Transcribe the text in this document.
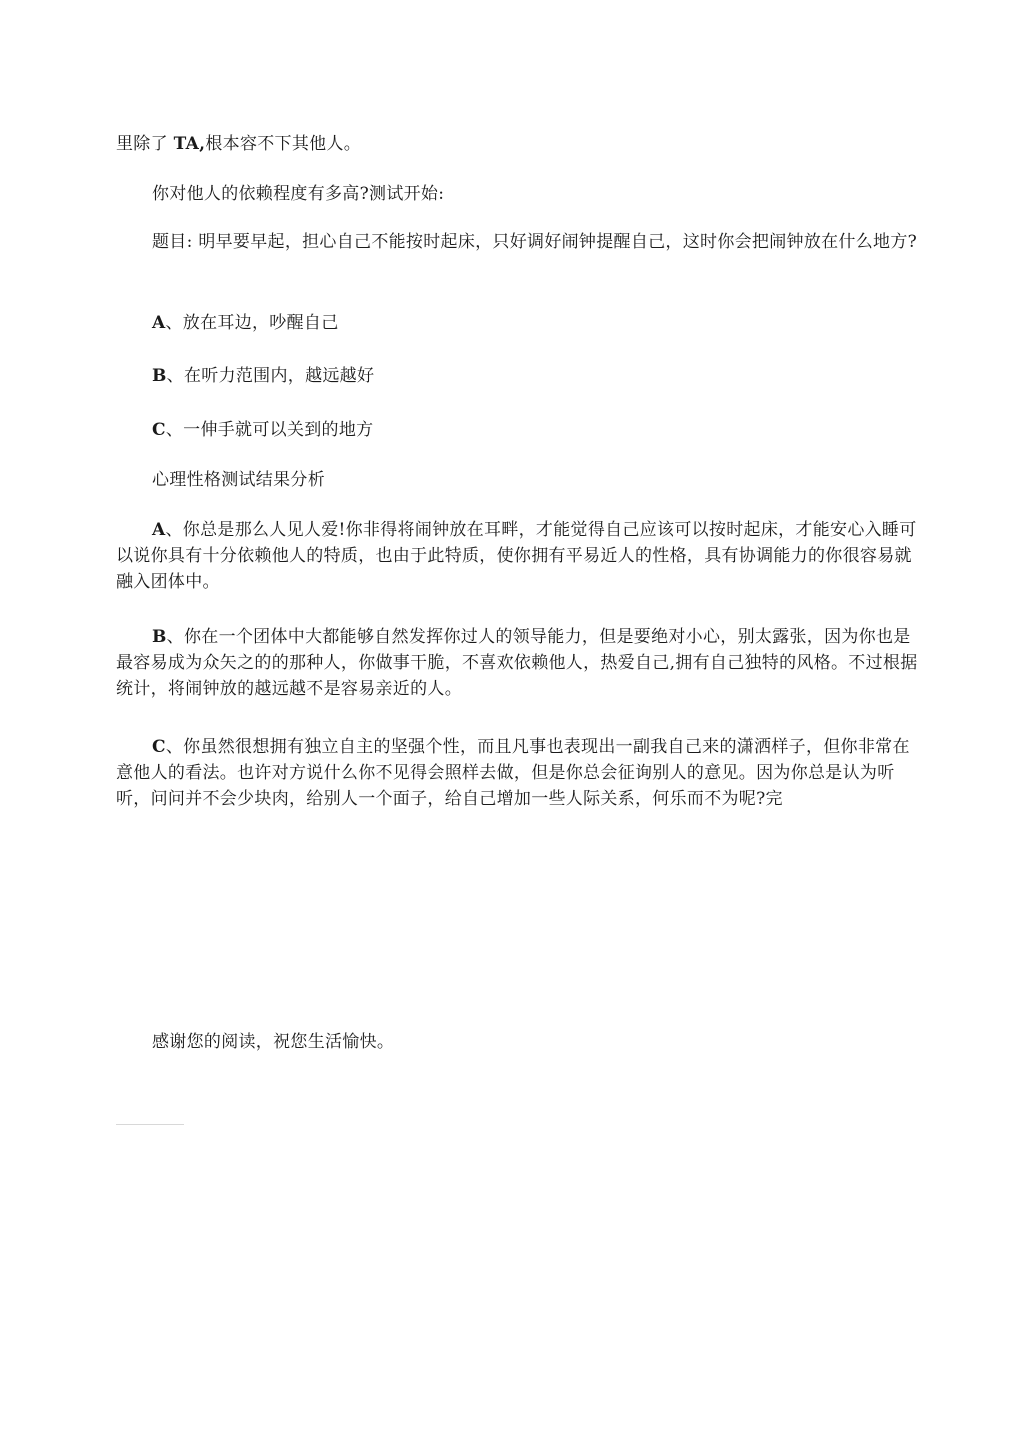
里除了 TA,根本容不下其他人。
你对他人的依赖程度有多高?测试开始:
题目: 明早要早起，担心自己不能按时起床，只好调好闹钟提醒自己，这时你会把闹钟放在什么地方?
A、放在耳边，吵醒自己
B、在听力范围内，越远越好
C、一伸手就可以关到的地方
心理性格测试结果分析
A、你总是那么人见人爱!你非得将闹钟放在耳畔，才能觉得自己应该可以按时起床，才能安心入睡可以说你具有十分依赖他人的特质，也由于此特质，使你拥有平易近人的性格，具有协调能力的你很容易就融入团体中。
B、你在一个团体中大都能够自然发挥你过人的领导能力，但是要绝对小心，别太露张，因为你也是最容易成为众矢之的的那种人，你做事干脆，不喜欢依赖他人，热爱自己,拥有自己独特的风格。不过根据统计，将闹钟放的越远越不是容易亲近的人。
C、你虽然很想拥有独立自主的坚强个性，而且凡事也表现出一副我自己来的潇洒样子，但你非常在意他人的看法。也许对方说什么你不见得会照样去做，但是你总会征询别人的意见。因为你总是认为听听，问问并不会少块肉，给别人一个面子，给自己增加一些人际关系，何乐而不为呢?完
感谢您的阅读，祝您生活愉快。
